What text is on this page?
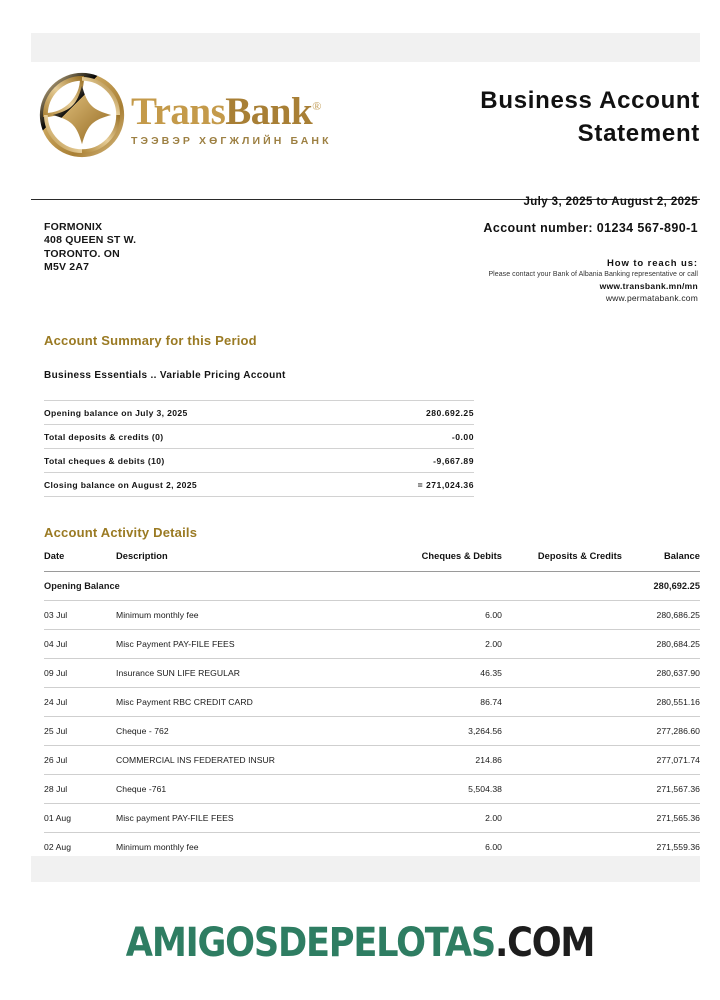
TransBank®
ТЭЭВЭР ХӨГЖЛИЙН БАНК
Business Account
Statement
FORMONIX
408 QUEEN ST W.
TORONTO. ON
M5V 2A7
July 3, 2025 to August 2, 2025
Account number: 01234 567-890-1
How to reach us:
Please contact your Bank of Albania Banking representative or call
www.transbank.mn/mn
www.permatabank.com
Account Summary for this Period
Business Essentials .. Variable Pricing Account
Opening balance on July 3, 2025	280.692.25
Total deposits & credits (0)	-0.00
Total cheques & debits (10)	-9,667.89
Closing balance on August 2, 2025	= 271,024.36
Account Activity Details
Date	Description	Cheques & Debits	Deposits & Credits	Balance
Opening Balance				280,692.25
03 Jul	Minimum monthly fee	6.00		280,686.25
04 Jul	Misc Payment PAY-FILE FEES	2.00		280,684.25
09 Jul	Insurance SUN LIFE REGULAR	46.35		280,637.90
24 Jul	Misc Payment RBC CREDIT CARD	86.74		280,551.16
25 Jul	Cheque - 762	3,264.56		277,286.60
26 Jul	COMMERCIAL INS FEDERATED INSUR	214.86		277,071.74
28 Jul	Cheque -761	5,504.38		271,567.36
01 Aug	Misc payment PAY-FILE FEES	2.00		271,565.36
02 Aug	Minimum monthly fee	6.00		271,559.36
AMIGOSDEPELOTAS.COM
